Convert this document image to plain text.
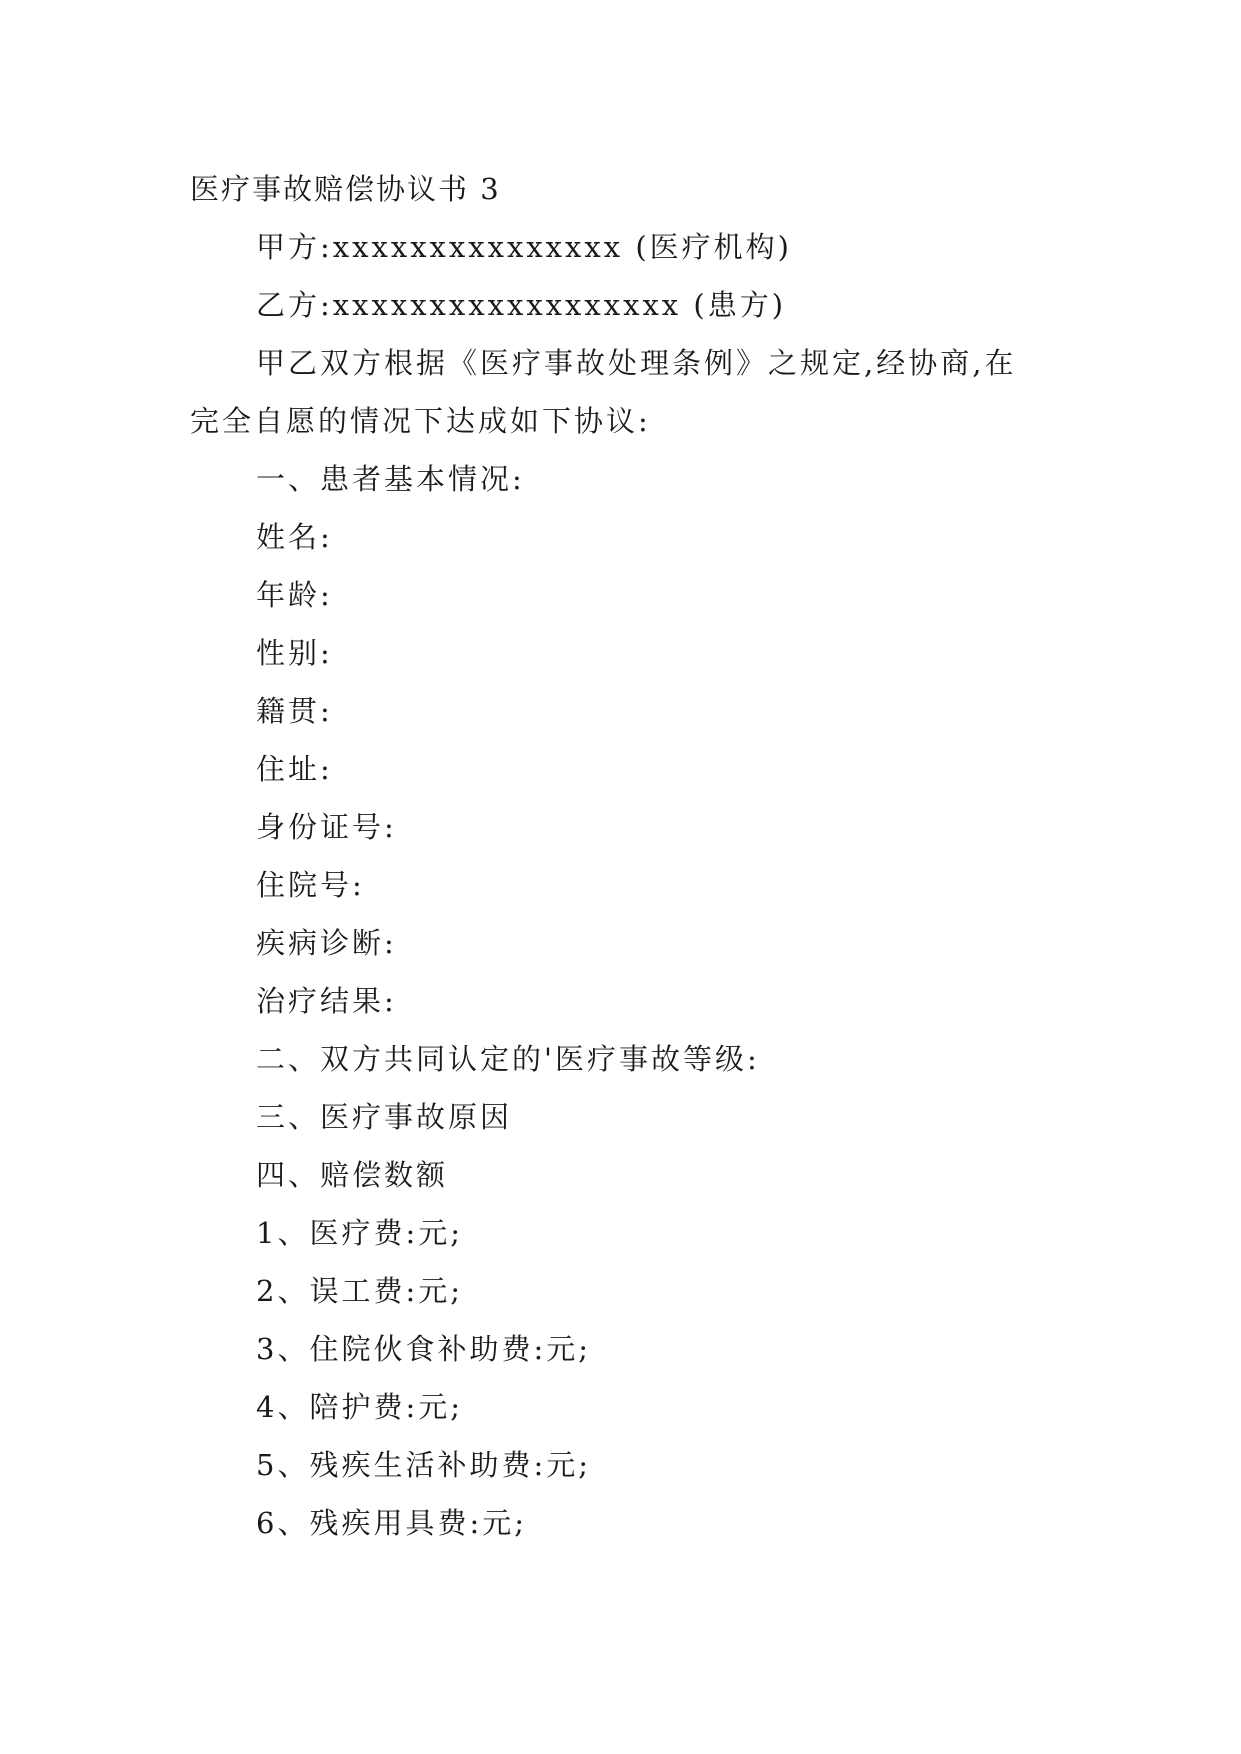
医疗事故赔偿协议书 3
甲方:xxxxxxxxxxxxxxx (医疗机构)
乙方:xxxxxxxxxxxxxxxxxx (患方)
甲乙双方根据《医疗事故处理条例》之规定,经协商,在
完全自愿的情况下达成如下协议:
一、患者基本情况:
姓名:
年龄:
性别:
籍贯:
住址:
身份证号:
住院号:
疾病诊断:
治疗结果:
二、双方共同认定的'医疗事故等级:
三、医疗事故原因
四、赔偿数额
1、医疗费:元;
2、误工费:元;
3、住院伙食补助费:元;
4、陪护费:元;
5、残疾生活补助费:元;
6、残疾用具费:元;
